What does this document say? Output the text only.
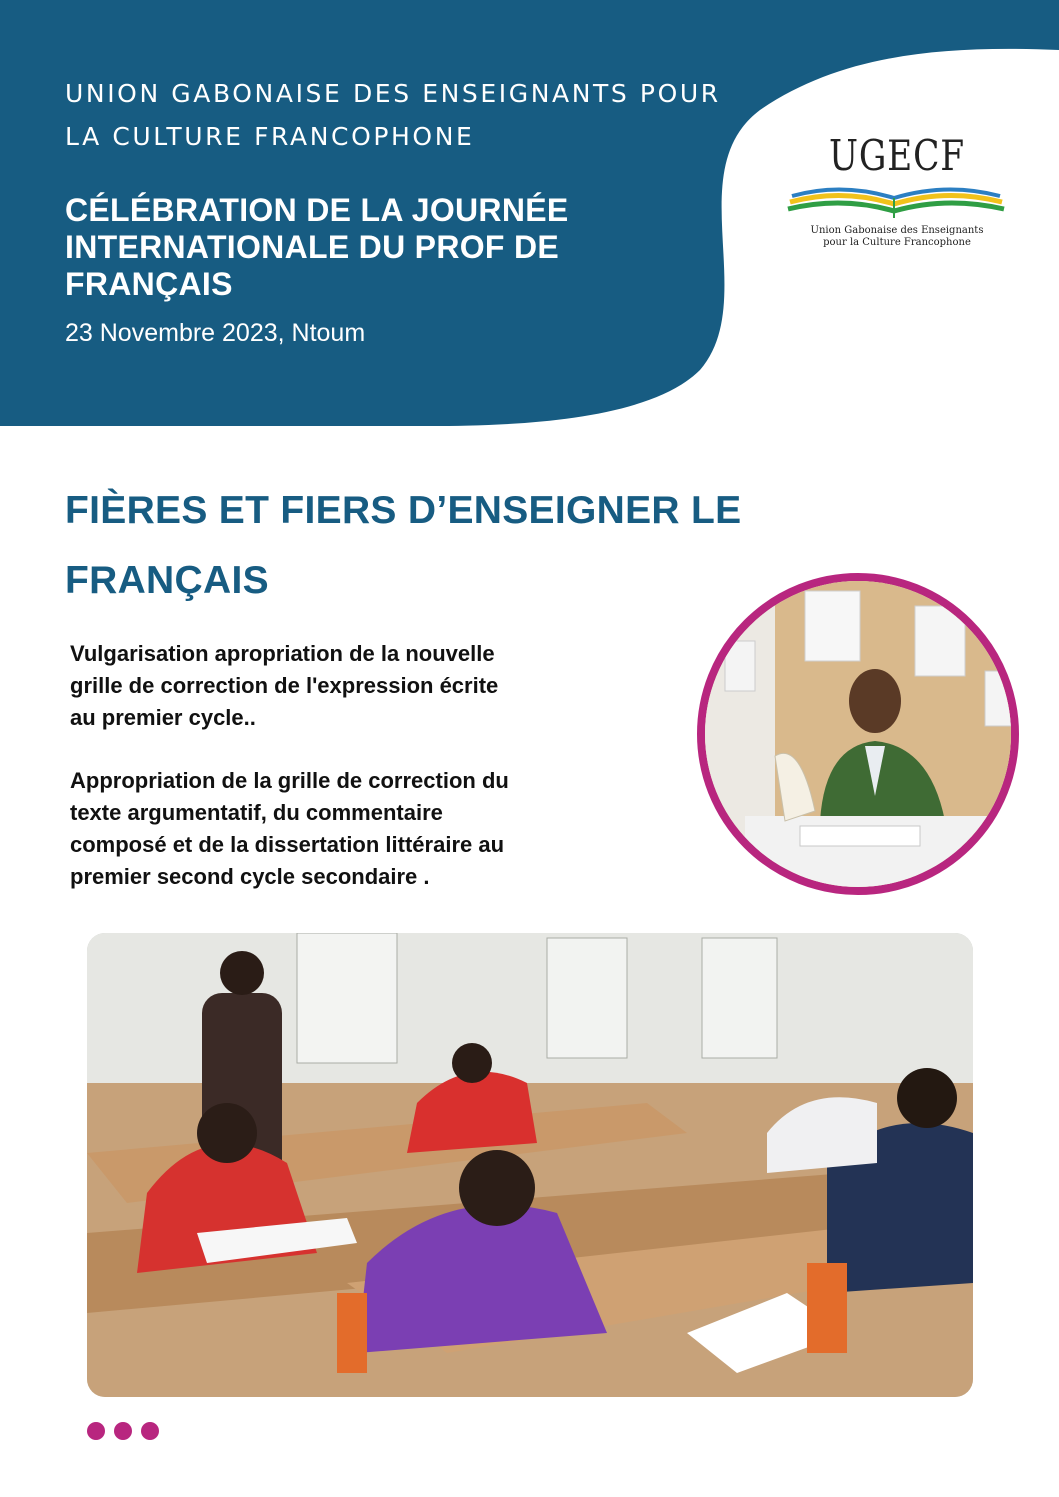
UNION GABONAISE DES ENSEIGNANTS POUR
LA CULTURE FRANCOPHONE
CÉLÉBRATION DE LA JOURNÉE
INTERNATIONALE DU PROF DE
FRANÇAIS
23 Novembre 2023, Ntoum
UGECF
Union Gabonaise des Enseignants
pour la Culture Francophone
FIÈRES ET FIERS D’ENSEIGNER LE
FRANÇAIS
Vulgarisation apropriation de la nouvelle
grille de correction de l'expression écrite
au premier cycle..
Appropriation de la grille de correction du
texte argumentatif, du commentaire
composé et de la dissertation littéraire au
premier second cycle secondaire .
